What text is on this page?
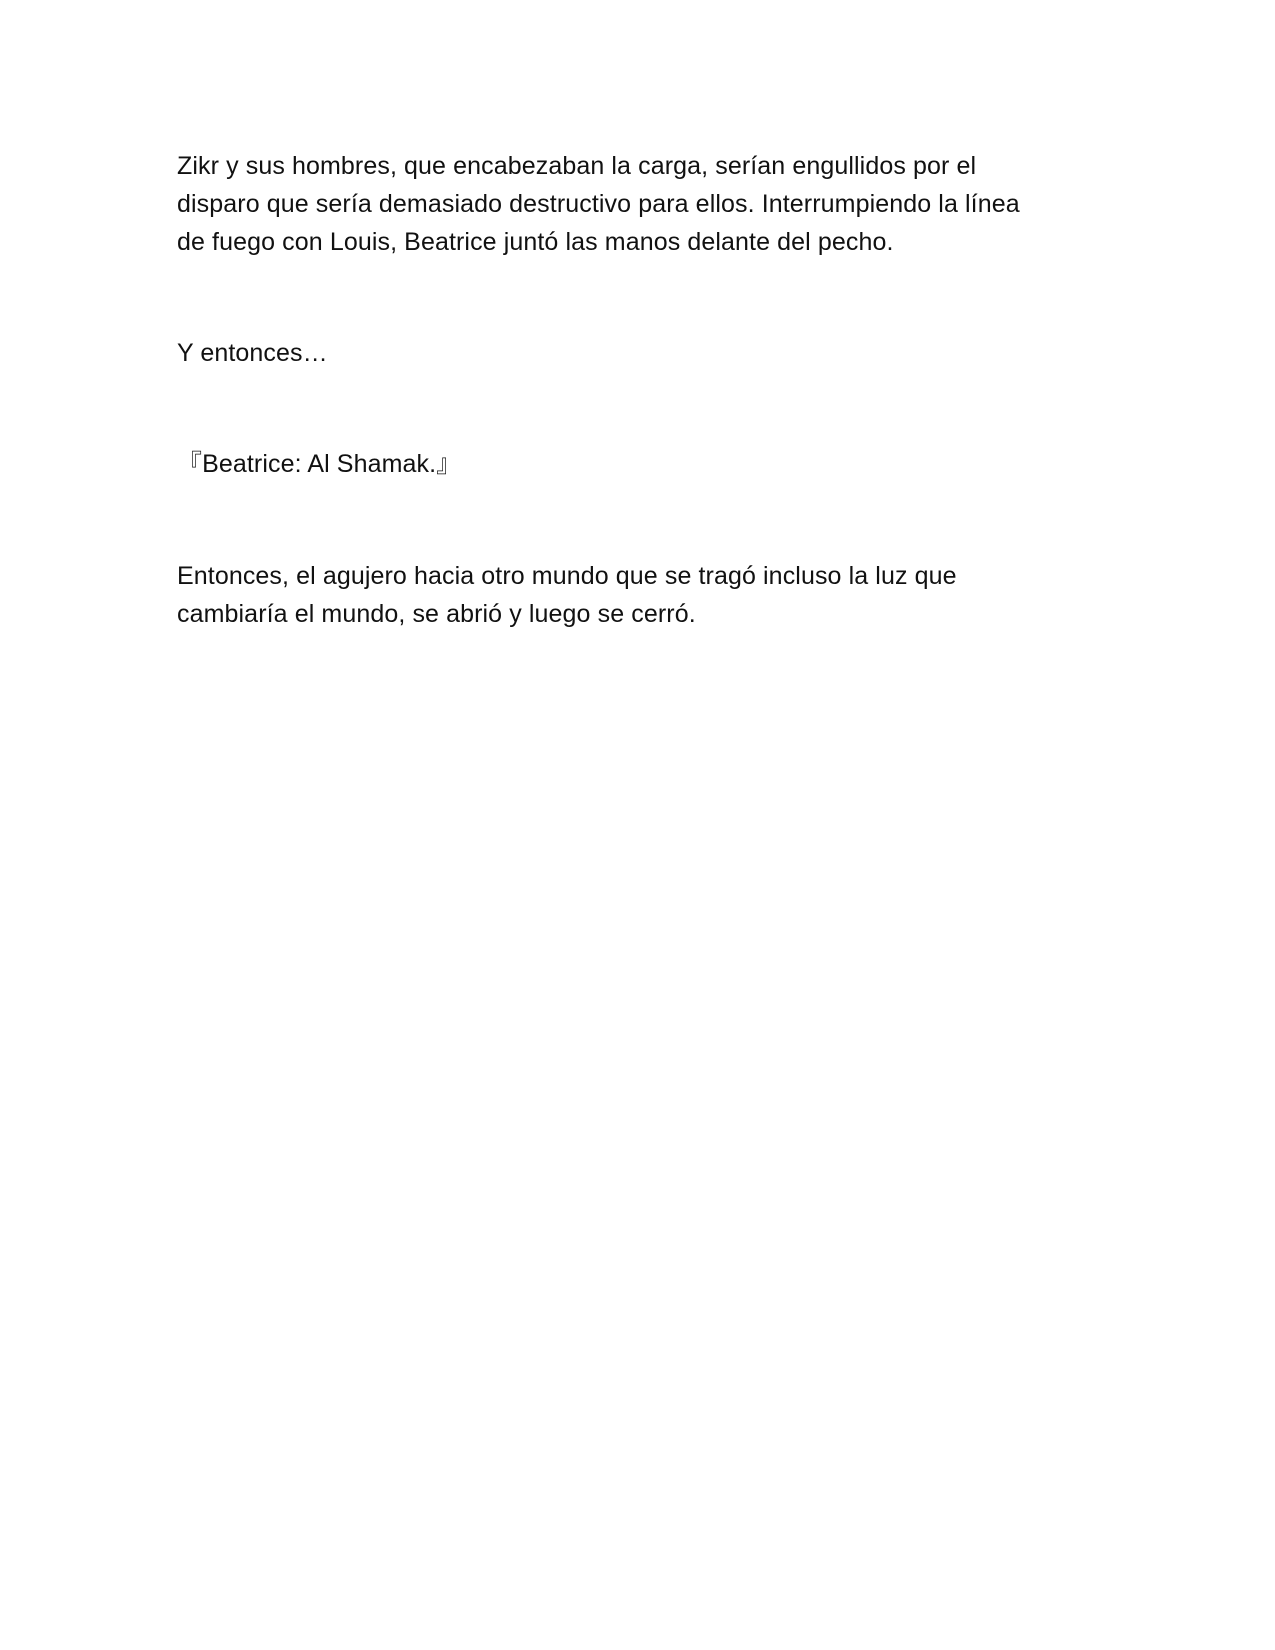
Zikr y sus hombres, que encabezaban la carga, serían engullidos por el
disparo que sería demasiado destructivo para ellos. Interrumpiendo la línea
de fuego con Louis, Beatrice juntó las manos delante del pecho.
Y entonces…
『Beatrice: Al Shamak.』
Entonces, el agujero hacia otro mundo que se tragó incluso la luz que
cambiaría el mundo, se abrió y luego se cerró.
